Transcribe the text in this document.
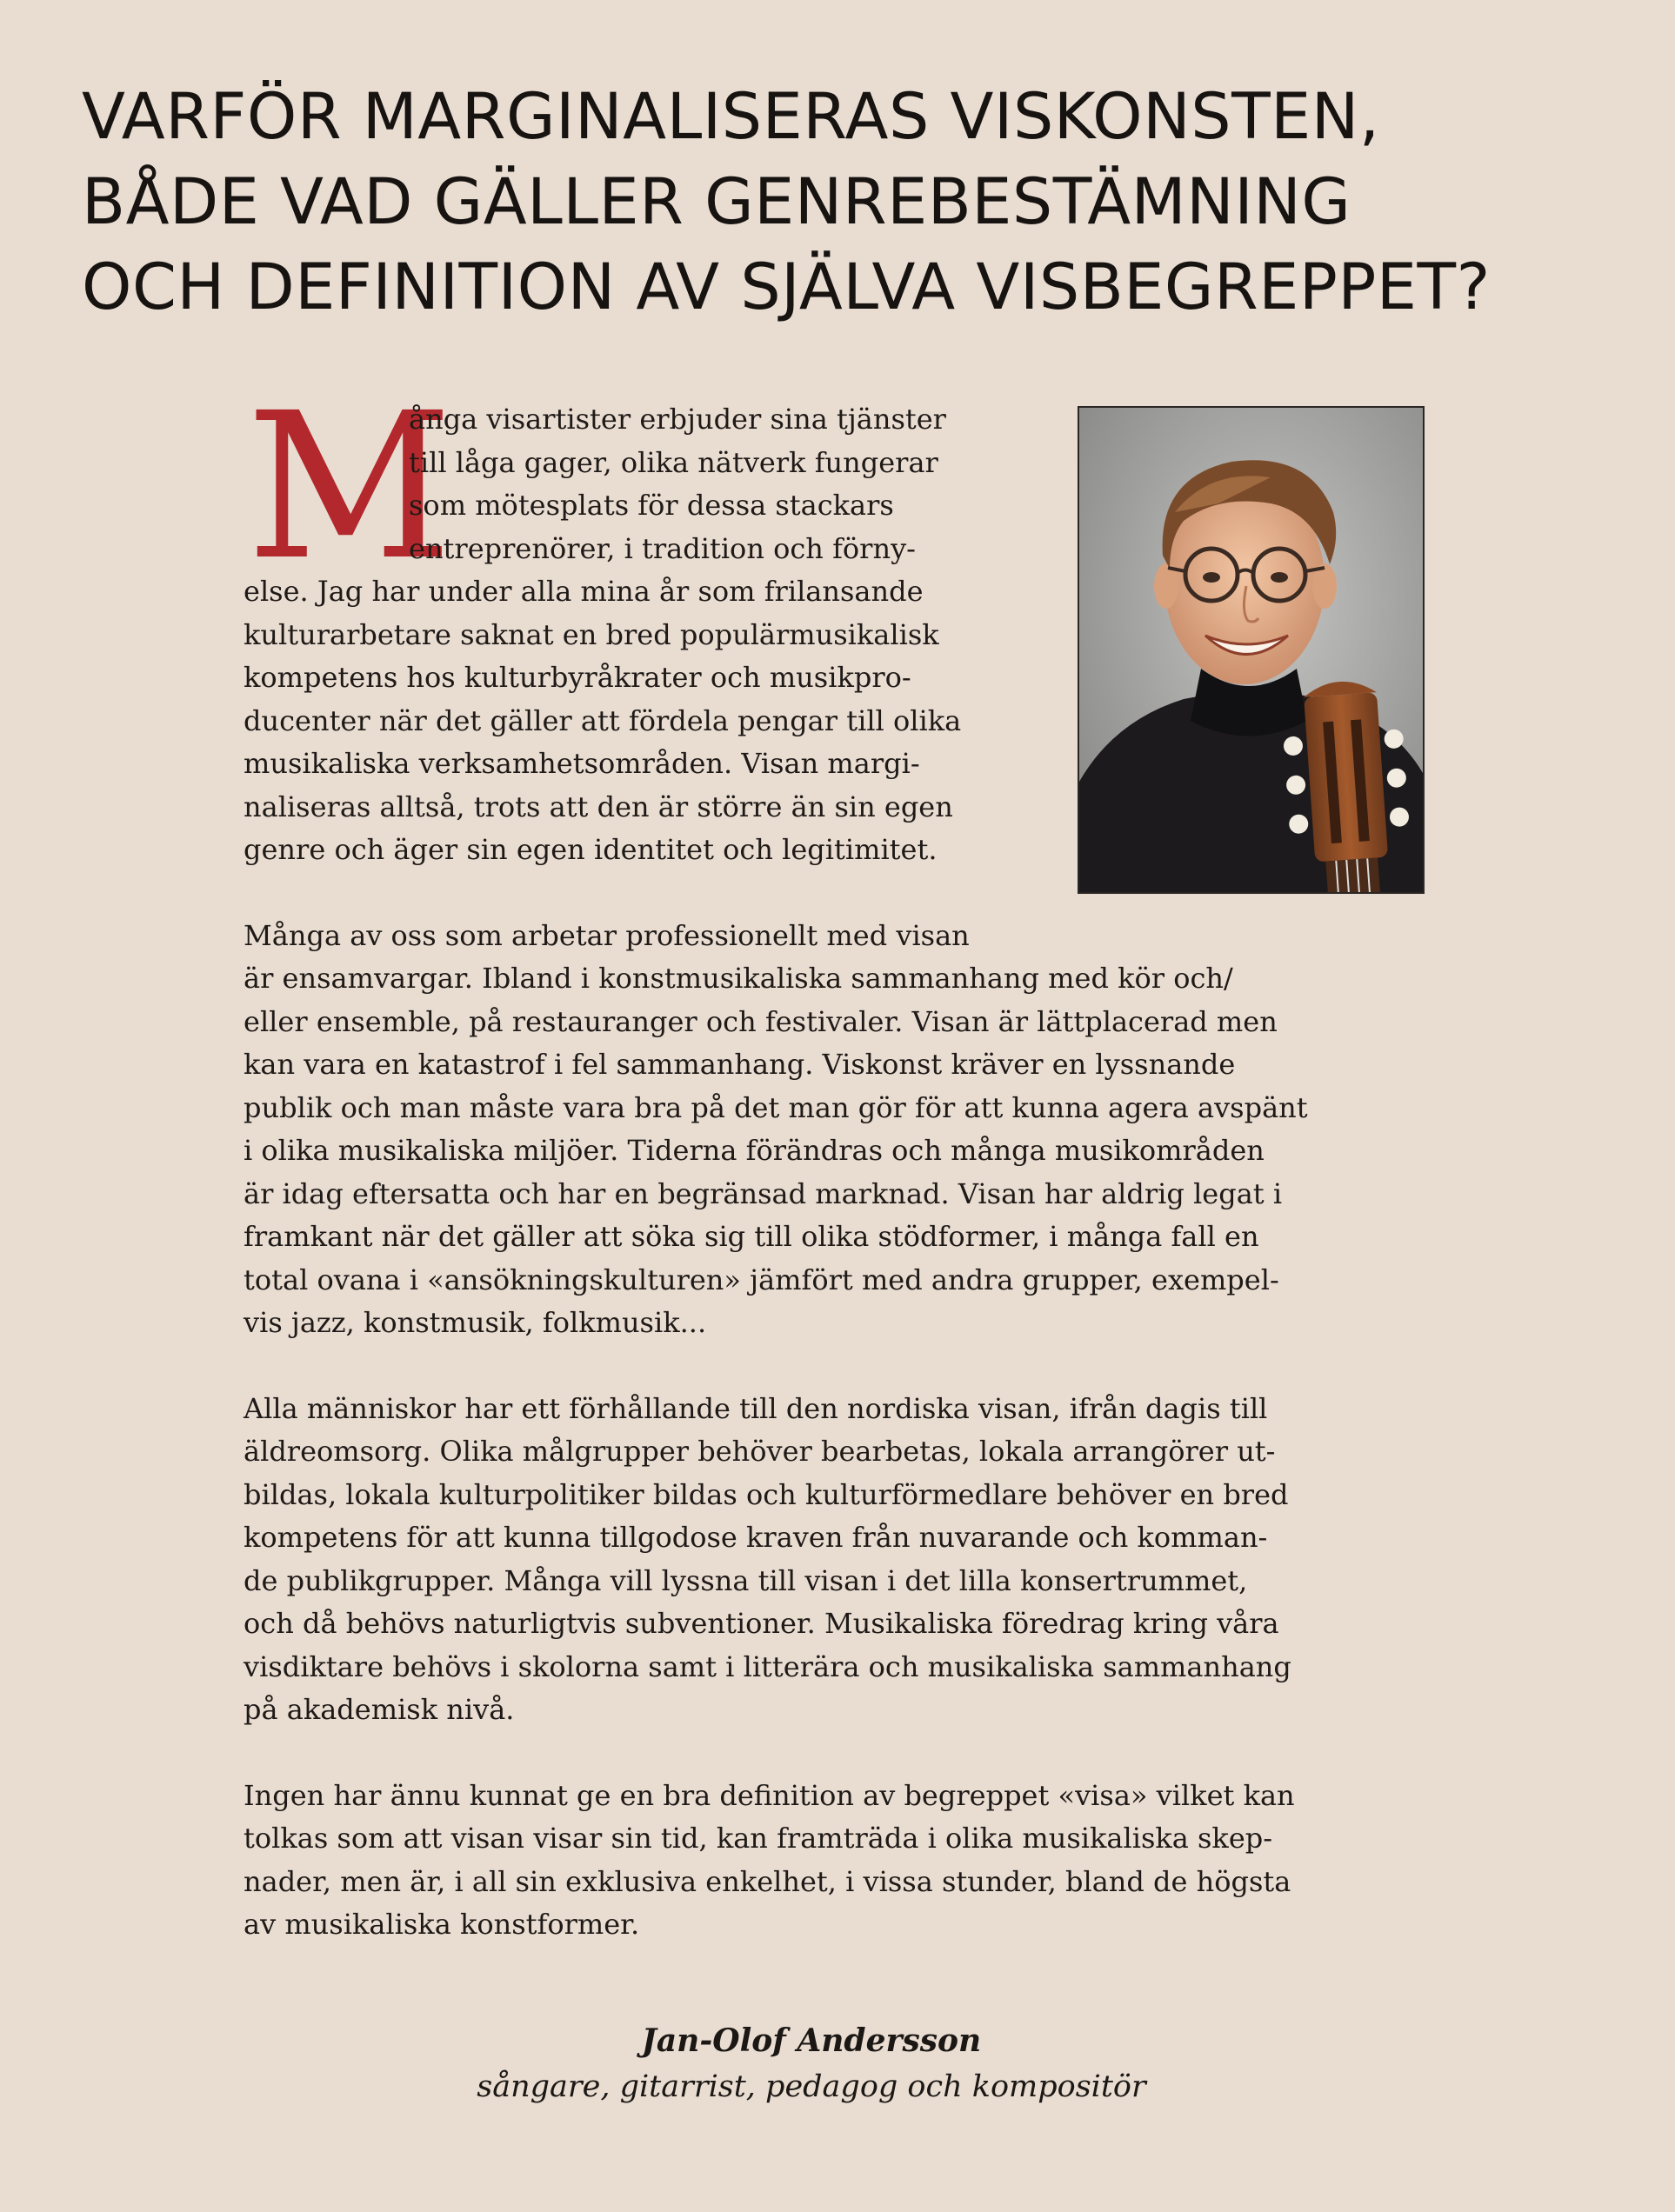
VARFÖR MARGINALISERAS VISKONSTEN,
BÅDE VAD GÄLLER GENREBESTÄMNING
OCH DEFINITION AV SJÄLVA VISBEGREPPET?
M
ånga visartister erbjuder sina tjänster
till låga gager, olika nätverk fungerar
som mötesplats för dessa stackars
entreprenörer, i tradition och förny-
else. Jag har under alla mina år som frilansande
kulturarbetare saknat en bred populärmusikalisk
kompetens hos kulturbyråkrater och musikpro-
ducenter när det gäller att fördela pengar till olika
musikaliska verksamhetsområden. Visan margi-
naliseras alltså, trots att den är större än sin egen
genre och äger sin egen identitet och legitimitet.
Många av oss som arbetar professionellt med visan
är ensamvargar. Ibland i konstmusikaliska sammanhang med kör och/
eller ensemble, på restauranger och festivaler. Visan är lättplacerad men
kan vara en katastrof i fel sammanhang. Viskonst kräver en lyssnande
publik och man måste vara bra på det man gör för att kunna agera avspänt
i olika musikaliska miljöer. Tiderna förändras och många musikområden
är idag eftersatta och har en begränsad marknad. Visan har aldrig legat i
framkant när det gäller att söka sig till olika stödformer, i många fall en
total ovana i «ansökningskulturen» jämfört med andra grupper, exempel-
vis jazz, konstmusik, folkmusik...
Alla människor har ett förhållande till den nordiska visan, ifrån dagis till
äldreomsorg. Olika målgrupper behöver bearbetas, lokala arrangörer ut-
bildas, lokala kulturpolitiker bildas och kulturförmedlare behöver en bred
kompetens för att kunna tillgodose kraven från nuvarande och komman-
de publikgrupper. Många vill lyssna till visan i det lilla konsertrummet,
och då behövs naturligtvis subventioner. Musikaliska föredrag kring våra
visdiktare behövs i skolorna samt i litterära och musikaliska sammanhang
på akademisk nivå.
Ingen har ännu kunnat ge en bra definition av begreppet «visa» vilket kan
tolkas som att visan visar sin tid, kan framträda i olika musikaliska skep-
nader, men är, i all sin exklusiva enkelhet, i vissa stunder, bland de högsta
av musikaliska konstformer.
Jan-Olof Andersson
sångare, gitarrist, pedagog och kompositör
